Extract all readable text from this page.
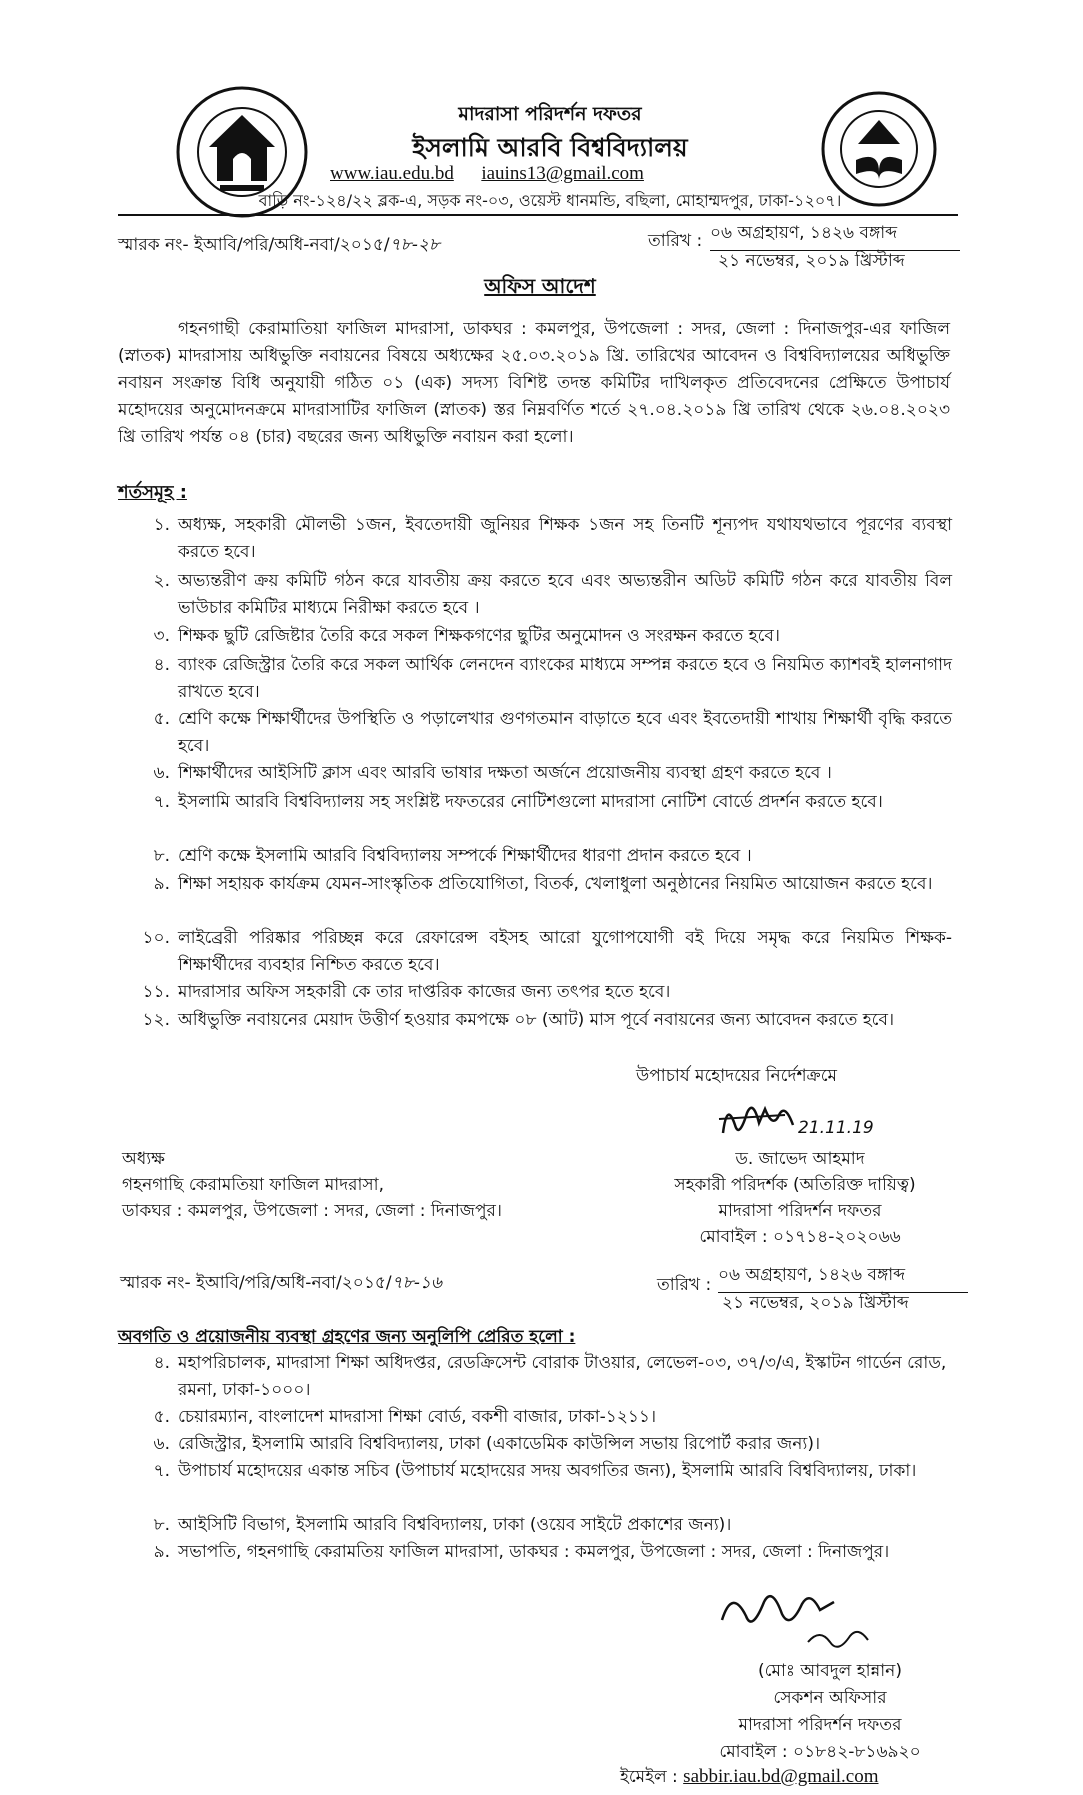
মাদরাসা পরিদর্শন দফতর
ইসলামি আরবি বিশ্ববিদ্যালয়
www.iau.edu.bd iauins13@gmail.com
বাড়ি নং-১২৪/২২ ব্লক-এ, সড়ক নং-০৩, ওয়েস্ট ধানমন্ডি, বছিলা, মোহাম্মদপুর, ঢাকা-১২০৭।
স্মারক নং- ইআবি/পরি/অধি-নবা/২০১৫/৭৮-২৮	তারিখ : ০৬ অগ্রহায়ণ, ১৪২৬ বঙ্গাব্দ
২১ নভেম্বর, ২০১৯ খ্রিস্টাব্দ
অফিস আদেশ
গহনগাছী কেরামাতিয়া ফাজিল মাদরাসা, ডাকঘর : কমলপুর, উপজেলা : সদর, জেলা : দিনাজপুর-এর ফাজিল (স্নাতক) মাদরাসায় অধিভুক্তি নবায়নের বিষয়ে অধ্যক্ষের ২৫.০৩.২০১৯ খ্রি. তারিখের আবেদন ও বিশ্ববিদ্যালয়ের অধিভুক্তি নবায়ন সংক্রান্ত বিধি অনুযায়ী গঠিত ০১ (এক) সদস্য বিশিষ্ট তদন্ত কমিটির দাখিলকৃত প্রতিবেদনের প্রেক্ষিতে উপাচার্য মহোদয়ের অনুমোদনক্রমে মাদরাসাটির ফাজিল (স্নাতক) স্তর নিম্নবর্ণিত শর্তে ২৭.০৪.২০১৯ খ্রি তারিখ থেকে ২৬.০৪.২০২৩ খ্রি তারিখ পর্যন্ত ০৪ (চার) বছরের জন্য অধিভুক্তি নবায়ন করা হলো।
শর্তসমূহ :
১. অধ্যক্ষ, সহকারী মৌলভী ১জন, ইবতেদায়ী জুনিয়র শিক্ষক ১জন সহ তিনটি শূন্যপদ যথাযথভাবে পূরণের ব্যবস্থা করতে হবে।
২. অভ্যন্তরীণ ক্রয় কমিটি গঠন করে যাবতীয় ক্রয় করতে হবে এবং অভ্যন্তরীন অডিট কমিটি গঠন করে যাবতীয় বিল ভাউচার কমিটির মাধ্যমে নিরীক্ষা করতে হবে ।
৩. শিক্ষক ছুটি রেজিষ্টার তৈরি করে সকল শিক্ষকগণের ছুটির অনুমোদন ও সংরক্ষন করতে হবে।
৪. ব্যাংক রেজিস্ট্রার তৈরি করে সকল আর্থিক লেনদেন ব্যাংকের মাধ্যমে সম্পন্ন করতে হবে ও নিয়মিত ক্যাশবই হালনাগাদ রাখতে হবে।
৫. শ্রেণি কক্ষে শিক্ষার্থীদের উপস্থিতি ও পড়ালেখার গুণগতমান বাড়াতে হবে এবং ইবতেদায়ী শাখায় শিক্ষার্থী বৃদ্ধি করতে হবে।
৬. শিক্ষার্থীদের আইসিটি ক্লাস এবং আরবি ভাষার দক্ষতা অর্জনে প্রয়োজনীয় ব্যবস্থা গ্রহণ করতে হবে ।
৭. ইসলামি আরবি বিশ্ববিদ্যালয় সহ সংশ্লিষ্ট দফতরের নোটিশগুলো মাদরাসা নোটিশ বোর্ডে প্রদর্শন করতে হবে।
৮. শ্রেণি কক্ষে ইসলামি আরবি বিশ্ববিদ্যালয় সম্পর্কে শিক্ষার্থীদের ধারণা প্রদান করতে হবে ।
৯. শিক্ষা সহায়ক কার্যক্রম যেমন-সাংস্কৃতিক প্রতিযোগিতা, বিতর্ক, খেলাধুলা অনুষ্ঠানের নিয়মিত আয়োজন করতে হবে।
১০. লাইব্রেরী পরিষ্কার পরিচ্ছন্ন করে রেফারেন্স বইসহ আরো যুগোপযোগী বই দিয়ে সমৃদ্ধ করে নিয়মিত শিক্ষক- শিক্ষার্থীদের ব্যবহার নিশ্চিত করতে হবে।
১১. মাদরাসার অফিস সহকারী কে তার দাপ্তরিক কাজের জন্য তৎপর হতে হবে।
১২. অধিভুক্তি নবায়নের মেয়াদ উত্তীর্ণ হওয়ার কমপক্ষে ০৮ (আট) মাস পূর্বে নবায়নের জন্য আবেদন করতে হবে।
উপাচার্য মহোদয়ের নির্দেশক্রমে
21.11.19
ড. জাভেদ আহমাদ
সহকারী পরিদর্শক (অতিরিক্ত দায়িত্ব)
মাদরাসা পরিদর্শন দফতর
মোবাইল : ০১৭১৪-২০২০৬৬
অধ্যক্ষ
গহনগাছি কেরামতিয়া ফাজিল মাদরাসা,
ডাকঘর : কমলপুর, উপজেলা : সদর, জেলা : দিনাজপুর।
স্মারক নং- ইআবি/পরি/অধি-নবা/২০১৫/৭৮-১৬	তারিখ : ০৬ অগ্রহায়ণ, ১৪২৬ বঙ্গাব্দ
২১ নভেম্বর, ২০১৯ খ্রিস্টাব্দ
অবগতি ও প্রয়োজনীয় ব্যবস্থা গ্রহণের জন্য অনুলিপি প্রেরিত হলো :
৪. মহাপরিচালক, মাদরাসা শিক্ষা অধিদপ্তর, রেডক্রিসেন্ট বোরাক টাওয়ার, লেভেল-০৩, ৩৭/৩/এ, ইস্কাটন গার্ডেন রোড, রমনা, ঢাকা-১০০০।
৫. চেয়ারম্যান, বাংলাদেশ মাদরাসা শিক্ষা বোর্ড, বকশী বাজার, ঢাকা-১২১১।
৬. রেজিস্ট্রার, ইসলামি আরবি বিশ্ববিদ্যালয়, ঢাকা (একাডেমিক কাউন্সিল সভায় রিপোর্ট করার জন্য)।
৭. উপাচার্য মহোদয়ের একান্ত সচিব (উপাচার্য মহোদয়ের সদয় অবগতির জন্য), ইসলামি আরবি বিশ্ববিদ্যালয়, ঢাকা।
৮. আইসিটি বিভাগ, ইসলামি আরবি বিশ্ববিদ্যালয়, ঢাকা (ওয়েব সাইটে প্রকাশের জন্য)।
৯. সভাপতি, গহনগাছি কেরামতিয় ফাজিল মাদরাসা, ডাকঘর : কমলপুর, উপজেলা : সদর, জেলা : দিনাজপুর।
(মোঃ আবদুল হান্নান)
সেকশন অফিসার
মাদরাসা পরিদর্শন দফতর
মোবাইল : ০১৮৪২-৮১৬৯২০
ইমেইল : sabbir.iau.bd@gmail.com
